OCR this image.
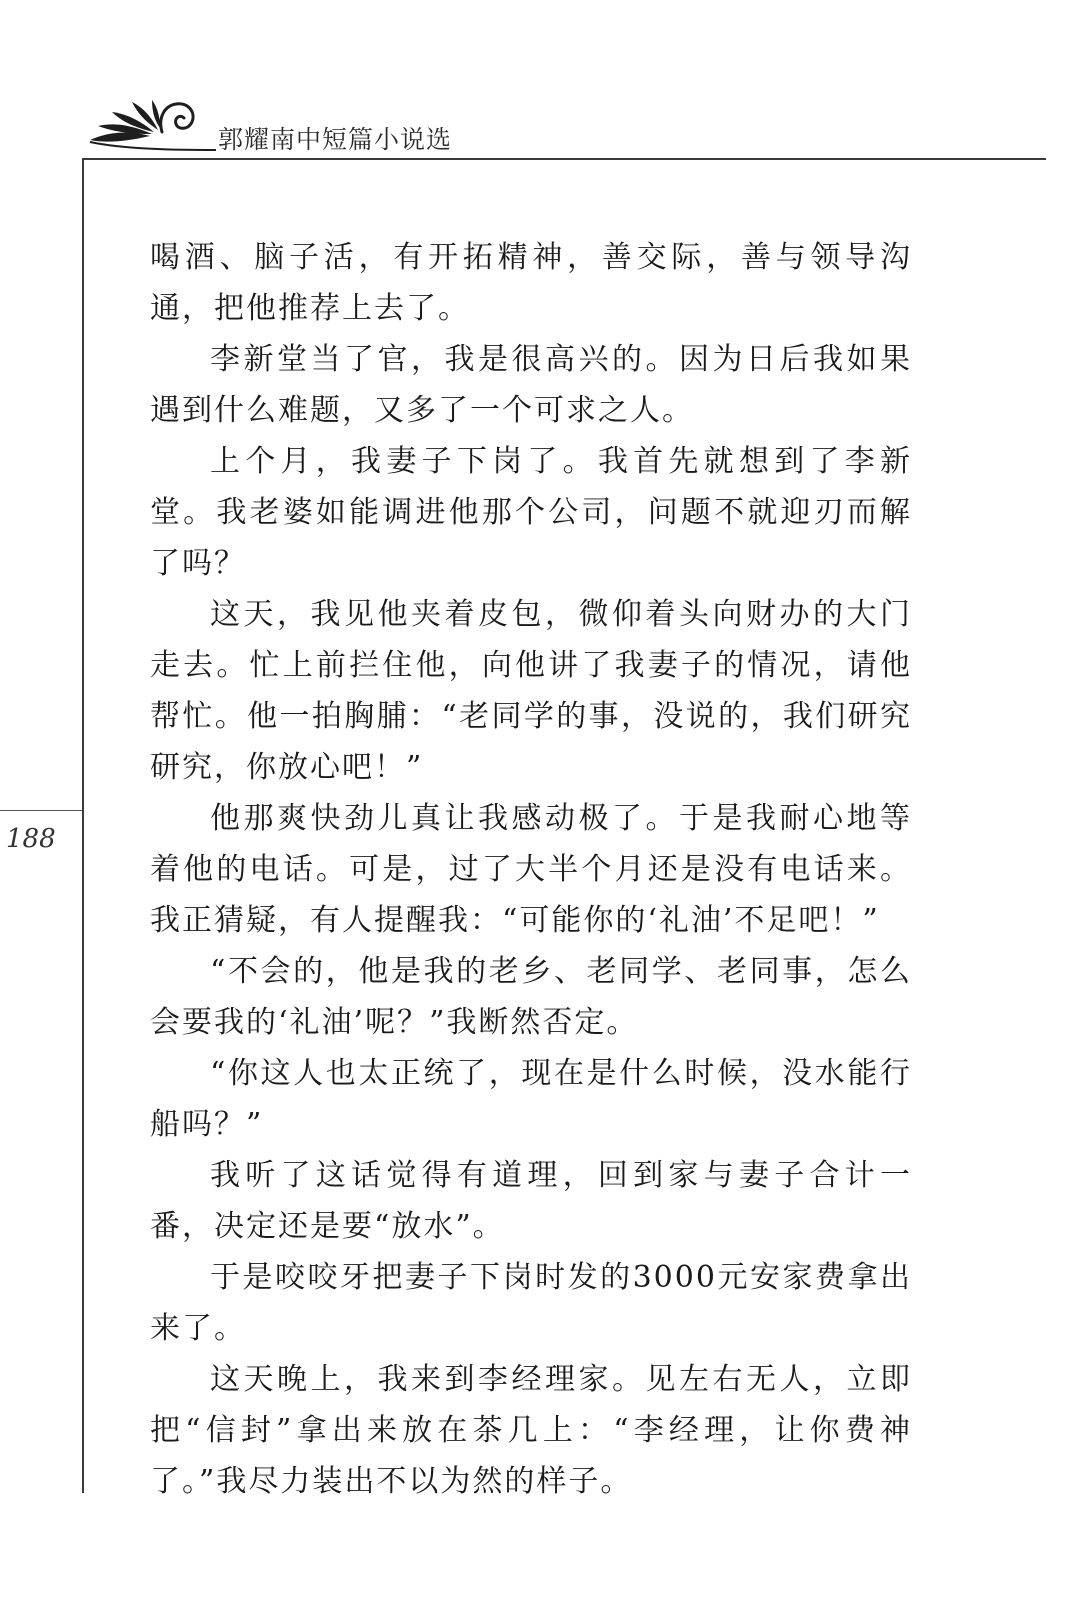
郭耀南中短篇小说选
188

喝酒、脑子活，有开拓精神，善交际，善与领导沟通，把他推荐上去了。

李新堂当了官，我是很高兴的。因为日后我如果遇到什么难题，又多了一个可求之人。

上个月，我妻子下岗了。我首先就想到了李新堂。我老婆如能调进他那个公司，问题不就迎刃而解了吗？

这天，我见他夹着皮包，微仰着头向财办的大门走去。忙上前拦住他，向他讲了我妻子的情况，请他帮忙。他一拍胸脯：“老同学的事，没说的，我们研究研究，你放心吧！”

他那爽快劲儿真让我感动极了。于是我耐心地等着他的电话。可是，过了大半个月还是没有电话来。我正猜疑，有人提醒我：“可能你的‘礼油’不足吧！”

“不会的，他是我的老乡、老同学、老同事，怎么会要我的‘礼油’呢？”我断然否定。

“你这人也太正统了，现在是什么时候，没水能行船吗？”

我听了这话觉得有道理，回到家与妻子合计一番，决定还是要“放水”。

于是咬咬牙把妻子下岗时发的3000元安家费拿出来了。

这天晚上，我来到李经理家。见左右无人，立即把“信封”拿出来放在茶几上：“李经理，让你费神了。”我尽力装出不以为然的样子。
